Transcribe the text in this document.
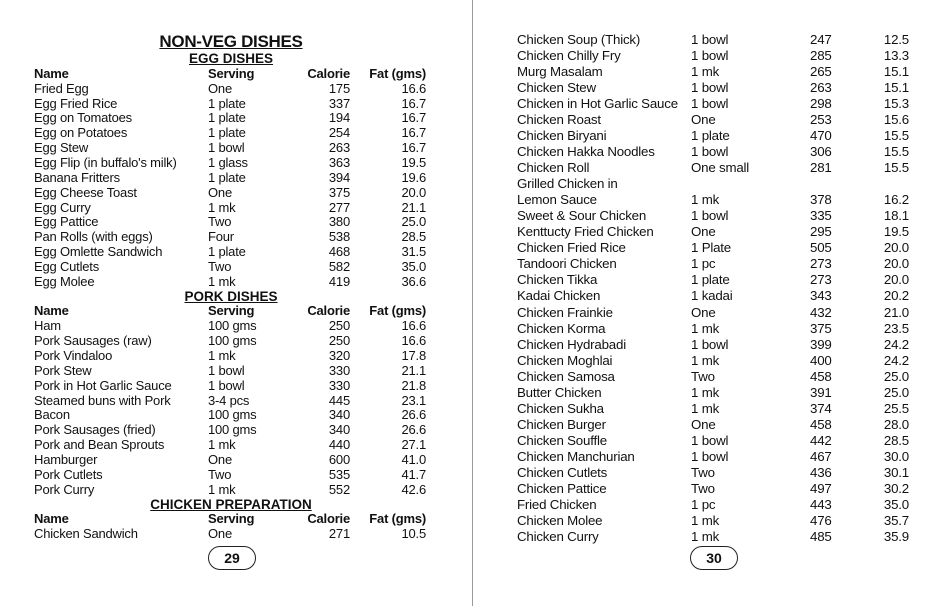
NON-VEG DISHES
EGG DISHES
Name	Serving	Calorie Fat (gms)
Fried Egg	One	175	16.6
Egg Fried Rice	1 plate	337	16.7
Egg on Tomatoes	1 plate	194	16.7
Egg on Potatoes	1 plate	254	16.7
Egg Stew	1 bowl	263	16.7
Egg Flip (in buffalo's milk) 1 glass	363	19.5
Banana Fritters	1 plate	394	19.6
Egg Cheese Toast	One	375	20.0
Egg Curry	1 mk	277	21.1
Egg Pattice	Two	380	25.0
Pan Rolls (with eggs)	Four	538	28.5
Egg Omlette Sandwich	1 plate	468	31.5
Egg Cutlets	Two	582	35.0
Egg Molee	1 mk	419	36.6
PORK DISHES
Name	Serving	Calorie Fat (gms)
Ham	100 gms	250	16.6
Pork Sausages (raw)	100 gms	250	16.6
Pork Vindaloo	1 mk	320	17.8
Pork Stew	1 bowl	330	21.1
Pork in Hot Garlic Sauce	1 bowl	330	21.8
Steamed buns with Pork	3-4 pcs	445	23.1
Bacon	100 gms	340	26.6
Pork Sausages (fried)	100 gms	340	26.6
Pork and Bean Sprouts	1 mk	440	27.1
Hamburger	One	600	41.0
Pork Cutlets	Two	535	41.7
Pork Curry	1 mk	552	42.6
CHICKEN PREPARATION
Name	Serving	Calorie Fat (gms)
Chicken Sandwich	One	271	10.5
29
Chicken Soup (Thick)	1 bowl	247	12.5
Chicken Chilly Fry	1 bowl	285	13.3
Murg Masalam	1 mk	265	15.1
Chicken Stew	1 bowl	263	15.1
Chicken in Hot Garlic Sauce 1 bowl	298	15.3
Chicken Roast	One	253	15.6
Chicken Biryani	1 plate	470	15.5
Chicken Hakka Noodles	1 bowl	306	15.5
Chicken Roll	One small	281	15.5
Grilled Chicken in
Lemon Sauce	1 mk	378	16.2
Sweet & Sour Chicken	1 bowl	335	18.1
Kenttucty Fried Chicken	One	295	19.5
Chicken Fried Rice	1 Plate	505	20.0
Tandoori Chicken	1 pc	273	20.0
Chicken Tikka	1 plate	273	20.0
Kadai Chicken	1 kadai	343	20.2
Chicken Frainkie	One	432	21.0
Chicken Korma	1 mk	375	23.5
Chicken Hydrabadi	1 bowl	399	24.2
Chicken Moghlai	1 mk	400	24.2
Chicken Samosa	Two	458	25.0
Butter Chicken	1 mk	391	25.0
Chicken Sukha	1 mk	374	25.5
Chicken Burger	One	458	28.0
Chicken Souffle	1 bowl	442	28.5
Chicken Manchurian	1 bowl	467	30.0
Chicken Cutlets	Two	436	30.1
Chicken Pattice	Two	497	30.2
Fried Chicken	1 pc	443	35.0
Chicken Molee	1 mk	476	35.7
Chicken Curry	1 mk	485	35.9
30
